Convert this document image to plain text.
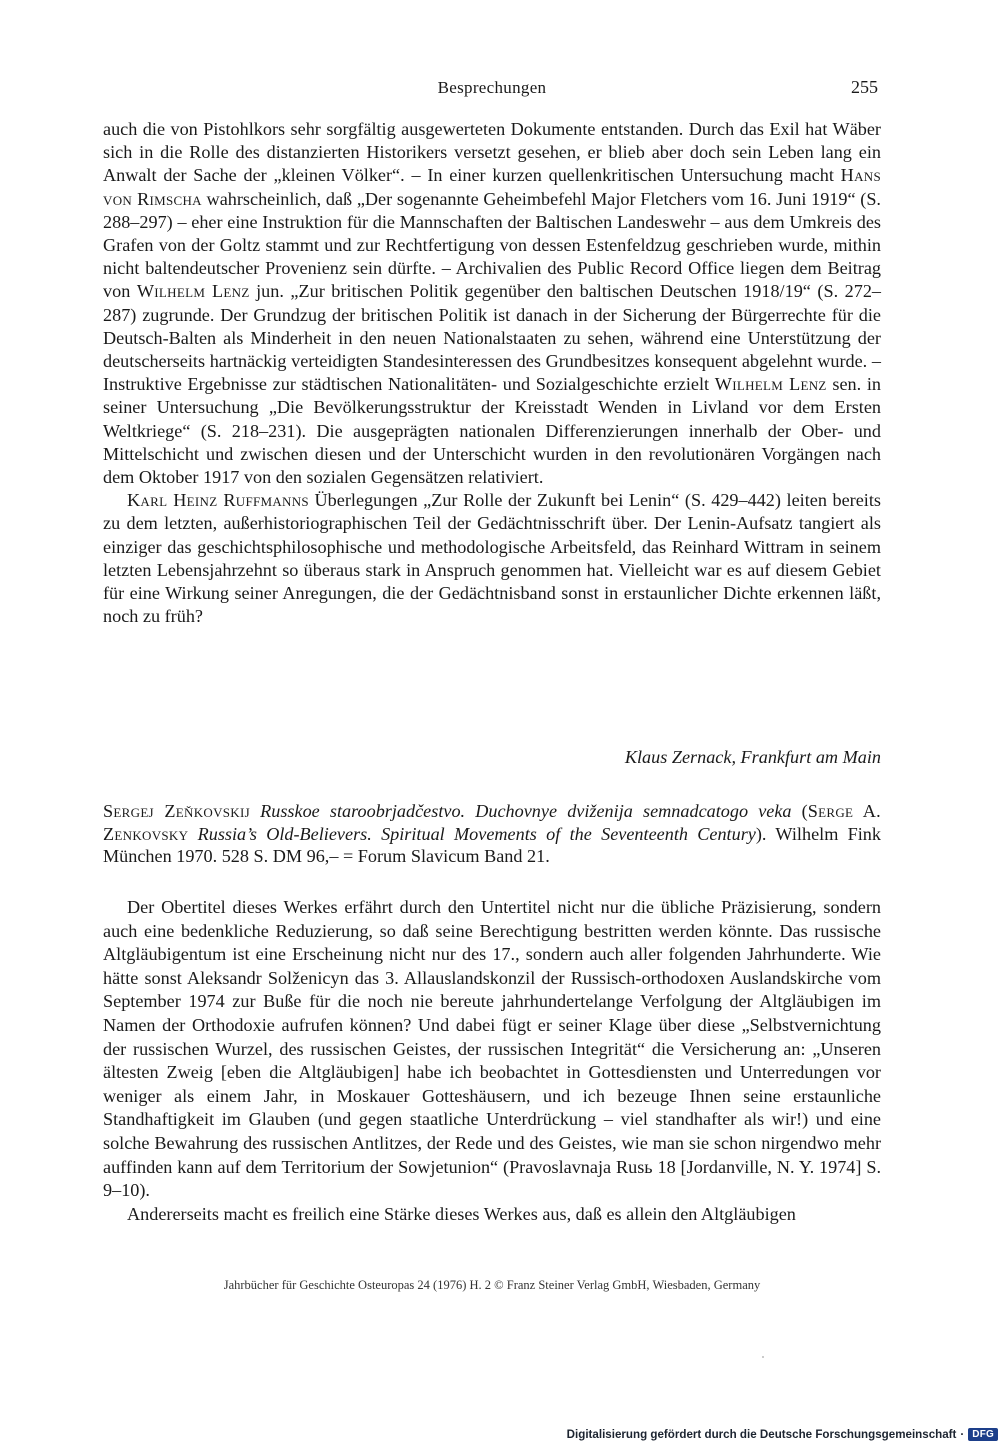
Besprechungen	255

auch die von Pistohlkors sehr sorgfältig ausgewerteten Dokumente entstanden. Durch das Exil hat Wäber sich in die Rolle des distanzierten Historikers versetzt gesehen, er blieb aber doch sein Leben lang ein Anwalt der Sache der „kleinen Völker“. – In einer kurzen quellenkritischen Untersuchung macht Hans von Rimscha wahrscheinlich, daß „Der sogenannte Geheimbefehl Major Fletchers vom 16. Juni 1919“ (S. 288–297) – eher eine Instruktion für die Mannschaften der Baltischen Landeswehr – aus dem Umkreis des Grafen von der Goltz stammt und zur Rechtfertigung von dessen Estenfeldzug geschrieben wurde, mithin nicht baltendeutscher Provenienz sein dürfte. – Archivalien des Public Record Office liegen dem Beitrag von Wilhelm Lenz jun. „Zur britischen Politik gegenüber den baltischen Deutschen 1918/19“ (S. 272–287) zugrunde. Der Grundzug der britischen Politik ist danach in der Sicherung der Bürgerrechte für die Deutsch-Balten als Minderheit in den neuen Nationalstaaten zu sehen, während eine Unterstützung der deutscherseits hartnäckig verteidigten Standesinteressen des Grundbesitzes konsequent abgelehnt wurde. – Instruktive Ergebnisse zur städtischen Nationalitäten- und Sozialgeschichte erzielt Wilhelm Lenz sen. in seiner Untersuchung „Die Bevölkerungsstruktur der Kreisstadt Wenden in Livland vor dem Ersten Weltkriege“ (S. 218–231). Die ausgeprägten nationalen Differenzierungen innerhalb der Ober- und Mittelschicht und zwischen diesen und der Unterschicht wurden in den revolutionären Vorgängen nach dem Oktober 1917 von den sozialen Gegensätzen relativiert.

Karl Heinz Ruffmanns Überlegungen „Zur Rolle der Zukunft bei Lenin“ (S. 429–442) leiten bereits zu dem letzten, außerhistoriographischen Teil der Gedächtnisschrift über. Der Lenin-Aufsatz tangiert als einziger das geschichtsphilosophische und methodologische Arbeitsfeld, das Reinhard Wittram in seinem letzten Lebensjahrzehnt so überaus stark in Anspruch genommen hat. Vielleicht war es auf diesem Gebiet für eine Wirkung seiner Anregungen, die der Gedächtnisband sonst in erstaunlicher Dichte erkennen läßt, noch zu früh?

Klaus Zernack, Frankfurt am Main

Sergej Zeňkovskij Russkoe staroobrjadčestvo. Duchovnye dviženija semnadcatogo veka (Serge A. Zenkovsky Russia’s Old-Believers. Spiritual Movements of the Seventeenth Century). Wilhelm Fink München 1970. 528 S. DM 96,– = Forum Slavicum Band 21.

Der Obertitel dieses Werkes erfährt durch den Untertitel nicht nur die übliche Präzisierung, sondern auch eine bedenkliche Reduzierung, so daß seine Berechtigung bestritten werden könnte. Das russische Altgläubigentum ist eine Erscheinung nicht nur des 17., sondern auch aller folgenden Jahrhunderte. Wie hätte sonst Aleksandr Solženicyn das 3. Allauslandskonzil der Russisch-orthodoxen Auslandskirche vom September 1974 zur Buße für die noch nie bereute jahrhundertelange Verfolgung der Altgläubigen im Namen der Orthodoxie aufrufen können? Und dabei fügt er seiner Klage über diese „Selbstvernichtung der russischen Wurzel, des russischen Geistes, der russischen Integrität“ die Versicherung an: „Unseren ältesten Zweig [eben die Altgläubigen] habe ich beobachtet in Gottesdiensten und Unterredungen vor weniger als einem Jahr, in Moskauer Gotteshäusern, und ich bezeuge Ihnen seine erstaunliche Standhaftigkeit im Glauben (und gegen staatliche Unterdrückung – viel standhafter als wir!) und eine solche Bewahrung des russischen Antlitzes, der Rede und des Geistes, wie man sie schon nirgendwo mehr auffinden kann auf dem Territorium der Sowjetunion“ (Pravoslavnaja Rusь 18 [Jordanville, N. Y. 1974] S. 9–10).

Andererseits macht es freilich eine Stärke dieses Werkes aus, daß es allein den Altgläubigen

Jahrbücher für Geschichte Osteuropas 24 (1976) H. 2 © Franz Steiner Verlag GmbH, Wiesbaden, Germany
Digitalisierung gefördert durch die Deutsche Forschungsgemeinschaft · DFG
